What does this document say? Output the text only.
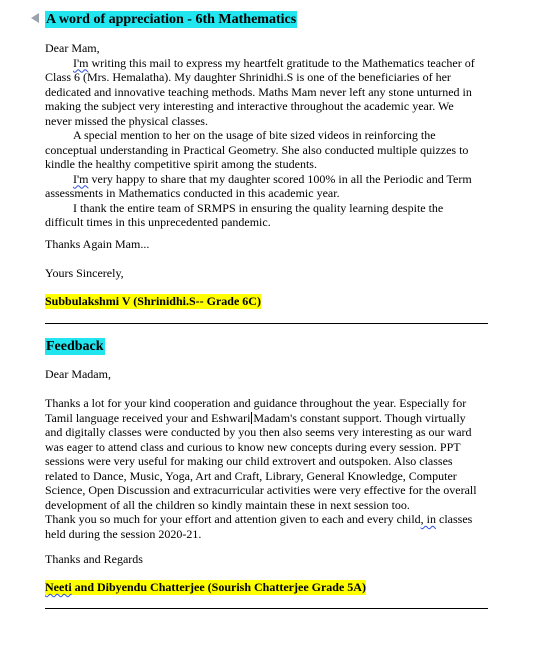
A word of appreciation - 6th Mathematics
Dear Mam,
I'm writing this mail to express my heartfelt gratitude to the Mathematics teacher of
Class 6 (Mrs. Hemalatha). My daughter Shrinidhi.S is one of the beneficiaries of her
dedicated and innovative teaching methods. Maths Mam never left any stone unturned in
making the subject very interesting and interactive throughout the academic year. We
never missed the physical classes.
A special mention to her on the usage of bite sized videos in reinforcing the
conceptual understanding in Practical Geometry. She also conducted multiple quizzes to
kindle the healthy competitive spirit among the students.
I'm very happy to share that my daughter scored 100% in all the Periodic and Term
assessments in Mathematics conducted in this academic year.
I thank the entire team of SRMPS in ensuring the quality learning despite the
difficult times in this unprecedented pandemic.
Thanks Again Mam...
Yours Sincerely,
Subbulakshmi V (Shrinidhi.S-- Grade 6C)
Feedback
Dear Madam,
Thanks a lot for your kind cooperation and guidance throughout the year. Especially for
Tamil language received your and Eshwari Madam's constant support. Though virtually
and digitally classes were conducted by you then also seems very interesting as our ward
was eager to attend class and curious to know new concepts during every session. PPT
sessions were very useful for making our child extrovert and outspoken. Also classes
related to Dance, Music, Yoga, Art and Craft, Library, General Knowledge, Computer
Science, Open Discussion and extracurricular activities were very effective for the overall
development of all the children so kindly maintain these in next session too.
Thank you so much for your effort and attention given to each and every child, in classes
held during the session 2020-21.
Thanks and Regards
Neeti and Dibyendu Chatterjee (Sourish Chatterjee Grade 5A)
